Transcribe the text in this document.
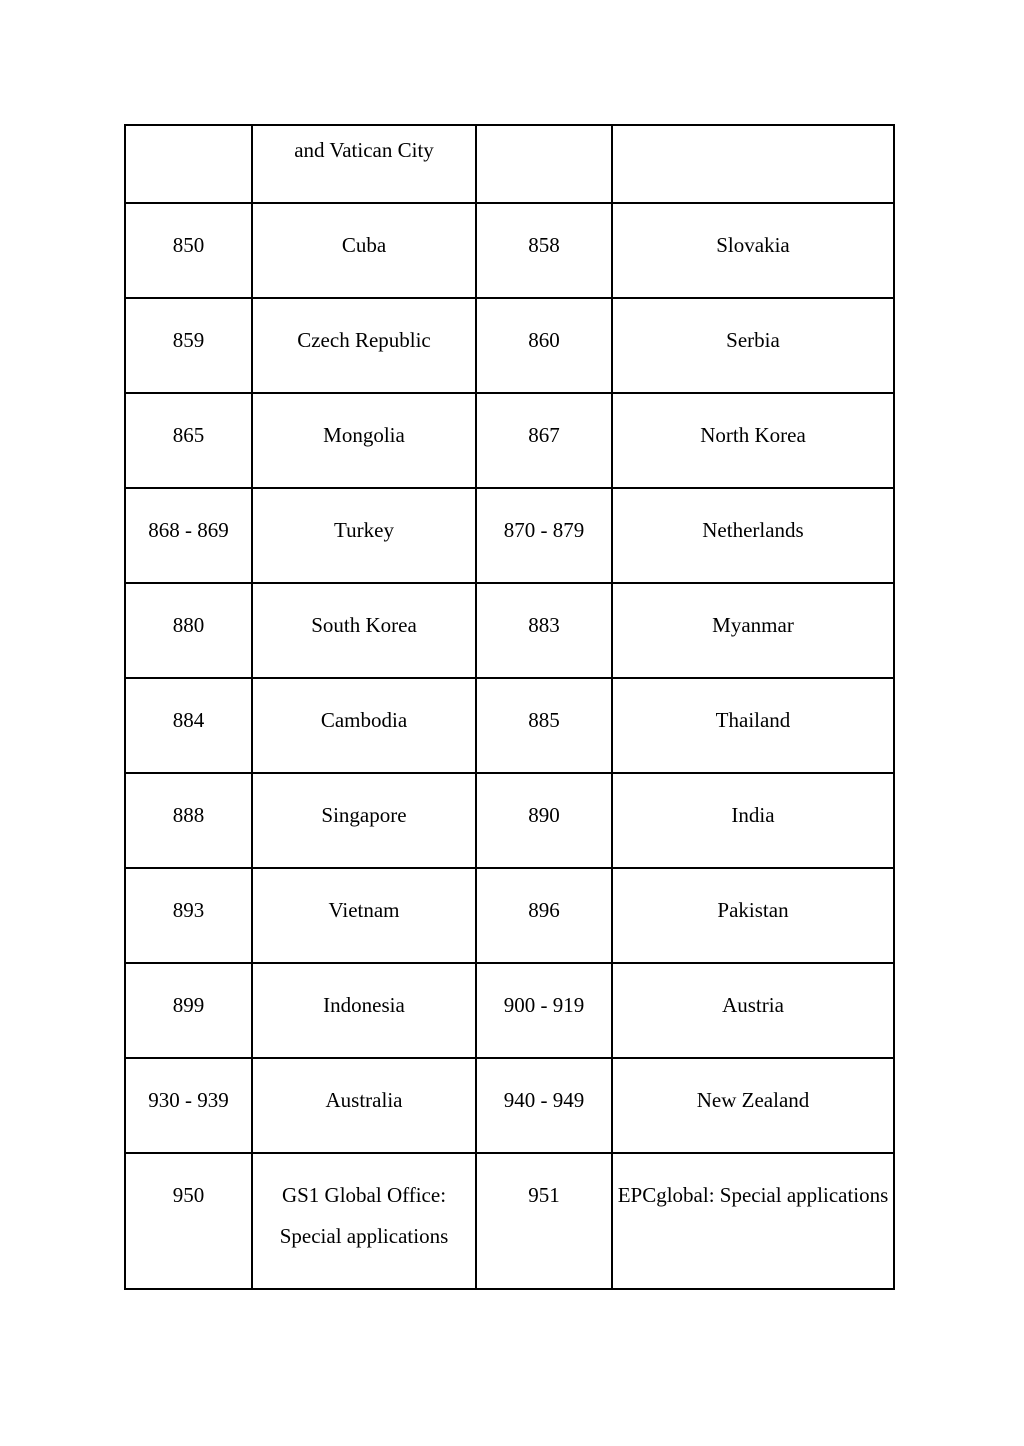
	and Vatican City		
850	Cuba	858	Slovakia
859	Czech Republic	860	Serbia
865	Mongolia	867	North Korea
868 - 869	Turkey	870 - 879	Netherlands
880	South Korea	883	Myanmar
884	Cambodia	885	Thailand
888	Singapore	890	India
893	Vietnam	896	Pakistan
899	Indonesia	900 - 919	Austria
930 - 939	Australia	940 - 949	New Zealand
950	GS1 Global Office: Special applications	951	EPCglobal: Special applications
